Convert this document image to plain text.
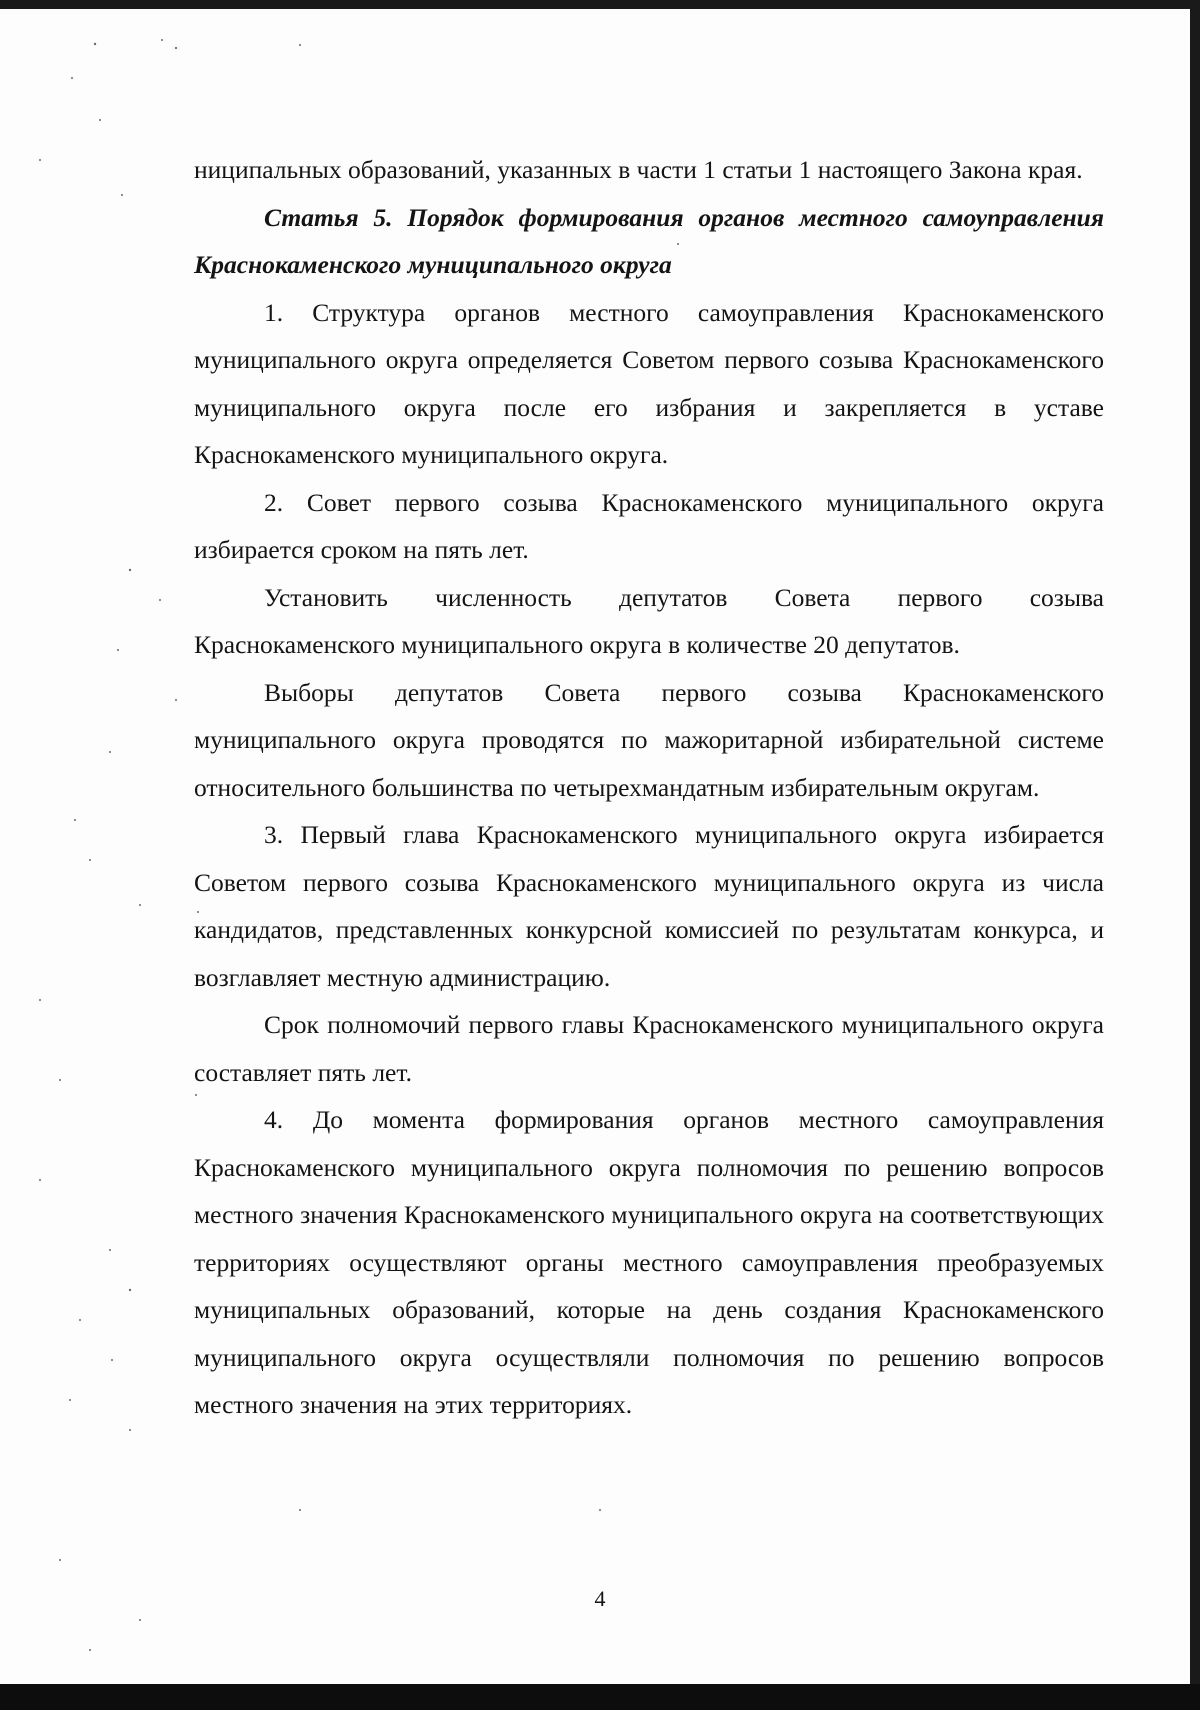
ниципальных образований, указанных в части 1 статьи 1 настоящего Закона края.

Статья 5. Порядок формирования органов местного самоуправления Краснокаменского муниципального округа

1. Структура органов местного самоуправления Краснокаменского муниципального округа определяется Советом первого созыва Краснокаменского муниципального округа после его избрания и закрепляется в уставе Краснокаменского муниципального округа.

2. Совет первого созыва Краснокаменского муниципального округа избирается сроком на пять лет.

Установить численность депутатов Совета первого созыва Краснокаменского муниципального округа в количестве 20 депутатов.

Выборы депутатов Совета первого созыва Краснокаменского муниципального округа проводятся по мажоритарной избирательной системе относительного большинства по четырехмандатным избирательным округам.

3. Первый глава Краснокаменского муниципального округа избирается Советом первого созыва Краснокаменского муниципального округа из числа кандидатов, представленных конкурсной комиссией по результатам конкурса, и возглавляет местную администрацию.

Срок полномочий первого главы Краснокаменского муниципального округа составляет пять лет.

4. До момента формирования органов местного самоуправления Краснокаменского муниципального округа полномочия по решению вопросов местного значения Краснокаменского муниципального округа на соответствующих территориях осуществляют органы местного самоуправления преобразуемых муниципальных образований, которые на день создания Краснокаменского муниципального округа осуществляли полномочия по решению вопросов местного значения на этих территориях.

4
